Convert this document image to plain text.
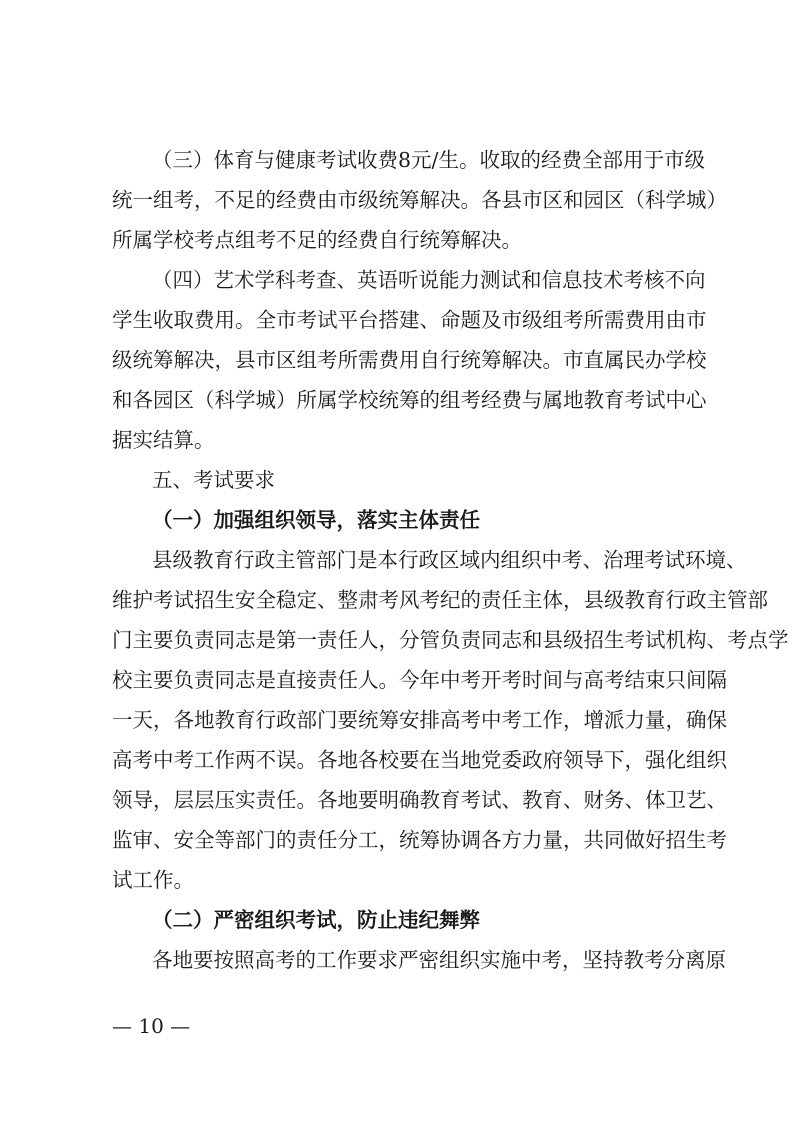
（ 三 ） 体 育 与 健 康 考 试 收 费 8 元 / 生 。 收 取 的 经 费 全 部 用 于 市 级
统 一 组 考 ， 不 足 的 经 费 由 市 级 统 筹 解 决 。 各 县 市 区 和 园 区 （ 科 学 城 ）
所属学校考点组考不足的经费自行统筹解决。
（ 四 ） 艺 术 学 科 考 查 、 英 语 听 说 能 力 测 试 和 信 息 技 术 考 核 不 向
学 生 收 取 费 用 。 全 市 考 试 平 台 搭 建 、 命 题 及 市 级 组 考 所 需 费 用 由 市
级 统 筹 解 决 ， 县 市 区 组 考 所 需 费 用 自 行 统 筹 解 决 。 市 直 属 民 办 学 校
和 各 园 区 （ 科 学 城 ） 所 属 学 校 统 筹 的 组 考 经 费 与 属 地 教 育 考 试 中 心
据实结算。
五、考试要求
（一）加强组织领导，落实主体责任
县 级 教 育 行 政 主 管 部 门 是 本 行 政 区 域 内 组 织 中 考 、 治 理 考 试 环 境 、
维 护 考 试 招 生 安 全 稳 定 、 整 肃 考 风 考 纪 的 责 任 主 体 ， 县 级 教 育 行 政 主 管 部
门 主 要 负 责 同 志 是 第 一 责 任 人 ， 分 管 负 责 同 志 和 县 级 招 生 考 试 机 构 、 考 点 学
校 主 要 负 责 同 志 是 直 接 责 任 人 。 今 年 中 考 开 考 时 间 与 高 考 结 束 只 间 隔
一 天 ， 各 地 教 育 行 政 部 门 要 统 筹 安 排 高 考 中 考 工 作 ， 增 派 力 量 ， 确 保
高 考 中 考 工 作 两 不 误 。 各 地 各 校 要 在 当 地 党 委 政 府 领 导 下 ， 强 化 组 织
领 导 ， 层 层 压 实 责 任 。 各 地 要 明 确 教 育 考 试 、 教 育 、 财 务 、 体 卫 艺 、
监 审 、 安 全 等 部 门 的 责 任 分 工 ， 统 筹 协 调 各 方 力 量 ， 共 同 做 好 招 生 考
试工作。
（二）严密组织考试，防止违纪舞弊
各 地 要 按 照 高 考 的 工 作 要 求 严 密 组 织 实 施 中 考 ， 坚 持 教 考 分 离 原
— 10 —
